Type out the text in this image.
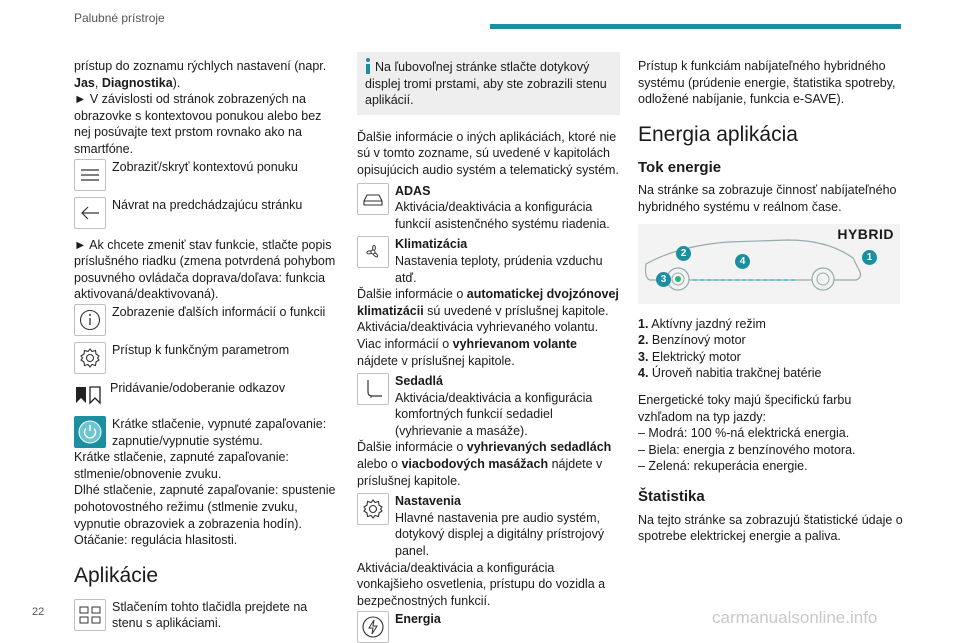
Palubné prístroje

prístup do zoznamu rýchlych nastavení (napr. Jas, Diagnostika).

► V závislosti od stránok zobrazených na obrazovke s kontextovou ponukou alebo bez nej posúvajte text prstom rovnako ako na smartfóne.

Zobraziť/skryť kontextovú ponuku
Návrat na predchádzajúcu stránku

► Ak chcete zmeniť stav funkcie, stlačte popis príslušného riadku (zmena potvrdená pohybom posuvného ovládača doprava/doľava: funkcia aktivovaná/deaktivovaná).

Zobrazenie ďalších informácií o funkcii
Prístup k funkčným parametrom
Pridávanie/odoberanie odkazov
Krátke stlačenie, vypnuté zapaľovanie: zapnutie/vypnutie systému.

Krátke stlačenie, zapnuté zapaľovanie: stlmenie/obnovenie zvuku.

Dlhé stlačenie, zapnuté zapaľovanie: spustenie pohotovostného režimu (stlmenie zvuku, vypnutie obrazoviek a zobrazenia hodín).

Otáčanie: regulácia hlasitosti.

Aplikácie
Stlačením tohto tlačidla prejdete na stenu s aplikáciami.
Na ľubovoľnej stránke stlačte dotykový displej tromi prstami, aby ste zobrazili stenu aplikácií.

Ďalšie informácie o iných aplikáciách, ktoré nie sú v tomto zozname, sú uvedené v kapitolách opisujúcich audio systém a telematický systém.

ADAS
Aktivácia/deaktivácia a konfigurácia funkcií asistenčného systému riadenia.
Klimatizácia
Nastavenia teploty, prúdenia vzduchu atď.

Ďalšie informácie o automatickej dvojzónovej klimatizácii sú uvedené v príslušnej kapitole.

Aktivácia/deaktivácia vyhrievaného volantu.

Viac informácií o vyhrievanom volante nájdete v príslušnej kapitole.

Sedadlá
Aktivácia/deaktivácia a konfigurácia komfortných funkcií sedadiel (vyhrievanie a masáže).

Ďalšie informácie o vyhrievaných sedadlách alebo o viacbodových masážach nájdete v príslušnej kapitole.

Nastavenia
Hlavné nastavenia pre audio systém, dotykový displej a digitálny prístrojový panel.

Aktivácia/deaktivácia a konfigurácia vonkajšieho osvetlenia, prístupu do vozidla a bezpečnostných funkcií.

Energia

Prístup k funkciám nabíjateľného hybridného systému (prúdenie energie, štatistika spotreby, odložené nabíjanie, funkcia e-SAVE).

Energia aplikácia
Tok energie

Na stránke sa zobrazuje činnosť nabíjateľného hybridného systému v reálnom čase.

HYBRID
2
4
3
1
1. Aktívny jazdný režim
2. Benzínový motor
3. Elektrický motor
4. Úroveň nabitia trakčnej batérie

Energetické toky majú špecifickú farbu vzhľadom na typ jazdy:

– Modrá: 100 %-ná elektrická energia.

– Biela: energia z benzínového motora.

– Zelená: rekuperácia energie.

Štatistika

Na tejto stránke sa zobrazujú štatistické údaje o spotrebe elektrickej energie a paliva.

22	carmanualsonline.info
